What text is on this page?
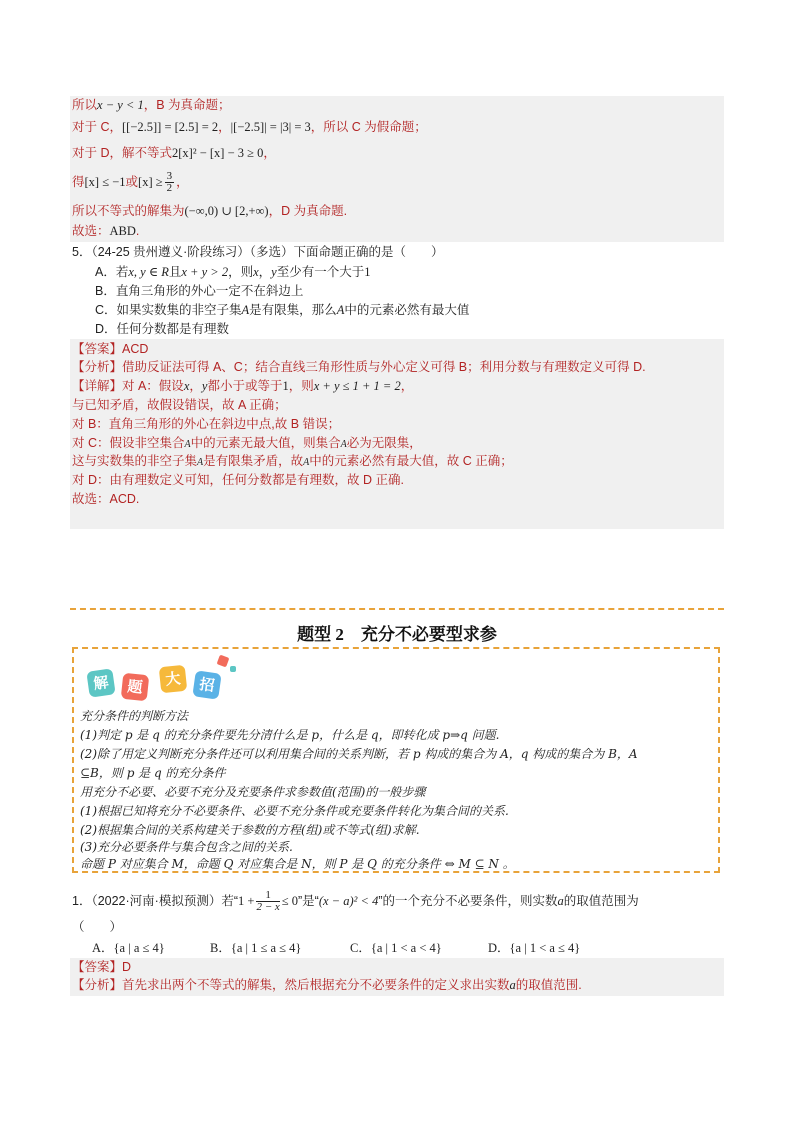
所以x − y < 1，B 为真命题；
对于 C，[[−2.5]] = [2.5] = 2，|[−2.5]| = |3| = 3，所以 C 为假命题；
对于 D，解不等式2[x]² − [x] − 3 ≥ 0，
得[x] ≤ −1或$[x] \ge \frac{3}{2}$ ，
所以不等式的解集为(−∞,0) ∪ [2,+∞)，D 为真命题.
故选：ABD.
5．（24-25 贵州遵义·阶段练习）（多选）下面命题正确的是（　　）
A．若x, y ∈ R且x + y > 2，则x，y至少有一个大于1
B．直角三角形的外心一定不在斜边上
C．如果实数集的非空子集A是有限集，那么A中的元素必然有最大值
D．任何分数都是有理数
【答案】ACD
【分析】借助反证法可得 A、C；结合直线三角形性质与外心定义可得 B；利用分数与有理数定义可得 D.
【详解】对 A：假设x，y都小于或等于1，则x + y ≤ 1 + 1 = 2，
与已知矛盾，故假设错误，故 A 正确；
对 B：直角三角形的外心在斜边中点,故 B 错误；
对 C：假设非空集合A中的元素无最大值，则集合A必为无限集，
这与实数集的非空子集A是有限集矛盾，故A中的元素必然有最大值，故 C 正确；
对 D：由有理数定义可知，任何分数都是有理数，故 D 正确.
故选：ACD.
题型 2　充分不必要型求参
解	题	大	招
充分条件的判断方法
(1)判定 p 是 q 的充分条件要先分清什么是 p，什么是 q，即转化成 p⇒q 问题.
(2)除了用定义判断充分条件还可以利用集合间的关系判断，若 p 构成的集合为 A，q 构成的集合为 B，A
⊆B，则 p 是 q 的充分条件
用充分不必要、必要不充分及充要条件求参数值(范围)的一般步骤
(1)根据已知将充分不必要条件、必要不充分条件或充要条件转化为集合间的关系.
(2)根据集合间的关系构建关于参数的方程(组)或不等式(组)求解.
(3)充分必要条件与集合包含之间的关系.
命题 P 对应集合 M，命题 Q 对应集合是 N，则 P 是 Q 的充分条件 ⇔ M ⊆ N 。
1．（2022·河南·模拟预测）若“$1 + \frac{1}{2 - x} \le 0$”是“(x − a)² < 4”的一个充分不必要条件，则实数a的取值范围为
（　　）
A．{a | a ≤ 4}	B．{a | 1 ≤ a ≤ 4}	C．{a | 1 < a < 4}	D．{a | 1 < a ≤ 4}
【答案】D
【分析】首先求出两个不等式的解集，然后根据充分不必要条件的定义求出实数a的取值范围.
